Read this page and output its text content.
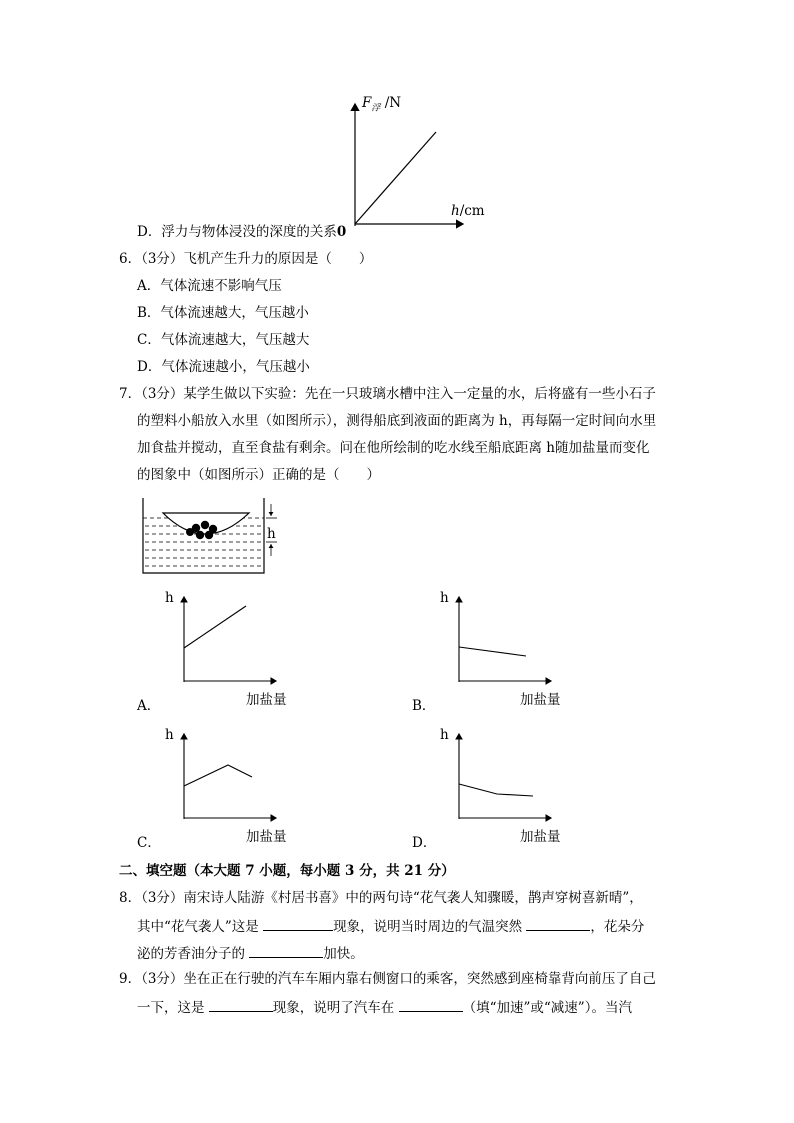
$F_浮$ /N
h/cm
D．浮力与物体浸没的深度的关系0
6．（3分）飞机产生升力的原因是（　　）
A．气体流速不影响气压
B．气体流速越大，气压越小
C．气体流速越大，气压越大
D．气体流速越小，气压越小
7．（3分）某学生做以下实验：先在一只玻璃水槽中注入一定量的水，后将盛有一些小石子
的塑料小船放入水里（如图所示），测得船底到液面的距离为 h，再每隔一定时间向水里
加食盐并搅动，直至食盐有剩余。问在他所绘制的吃水线至船底距离 h随加盐量而变化
的图象中（如图所示）正确的是（　　）
h
h
加盐量
A．
h
加盐量
B．
h
加盐量
C．
h
加盐量
D．
二、填空题（本大题 7 小题，每小题 3 分，共 21 分）
8．（3分）南宋诗人陆游《村居书喜》中的两句诗“花气袭人知骤暖，鹊声穿树喜新晴”，
其中“花气袭人”这是	现象，说明当时周边的气温突然	，花朵分
泌的芳香油分子的	加快。
9．（3分）坐在正在行驶的汽车车厢内靠右侧窗口的乘客，突然感到座椅靠背向前压了自己
一下，这是	现象，说明了汽车在	（填“加速”或“减速”）。当汽
